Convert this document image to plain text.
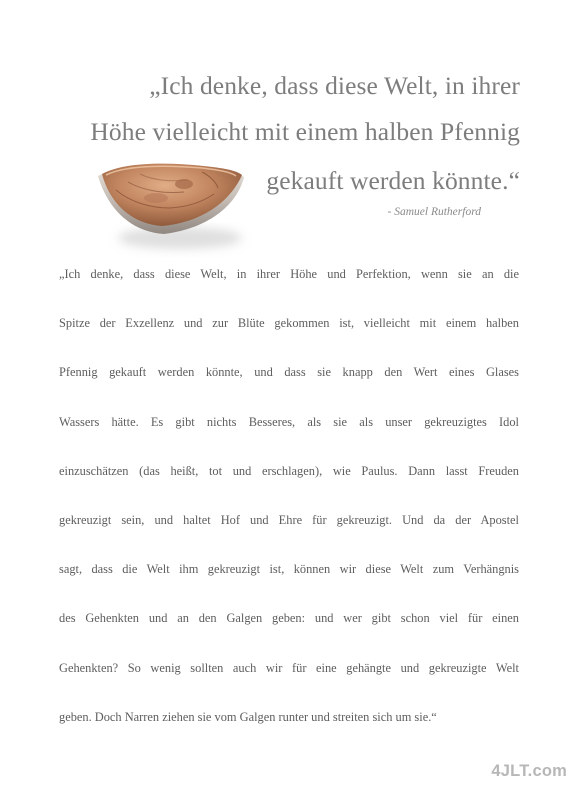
„Ich denke, dass diese Welt, in ihrer
Höhe vielleicht mit einem halben Pfennig
gekauft werden könnte.“
- Samuel Rutherford
„Ich denke, dass diese Welt, in ihrer Höhe und Perfektion, wenn sie an die
Spitze der Exzellenz und zur Blüte gekommen ist, vielleicht mit einem halben
Pfennig gekauft werden könnte, und dass sie knapp den Wert eines Glases
Wassers hätte. Es gibt nichts Besseres, als sie als unser gekreuzigtes Idol
einzuschätzen (das heißt, tot und erschlagen), wie Paulus. Dann lasst Freuden
gekreuzigt sein, und haltet Hof und Ehre für gekreuzigt. Und da der Apostel
sagt, dass die Welt ihm gekreuzigt ist, können wir diese Welt zum Verhängnis
des Gehenkten und an den Galgen geben: und wer gibt schon viel für einen
Gehenkten? So wenig sollten auch wir für eine gehängte und gekreuzigte Welt
geben. Doch Narren ziehen sie vom Galgen runter und streiten sich um sie.“
4JLT.com
